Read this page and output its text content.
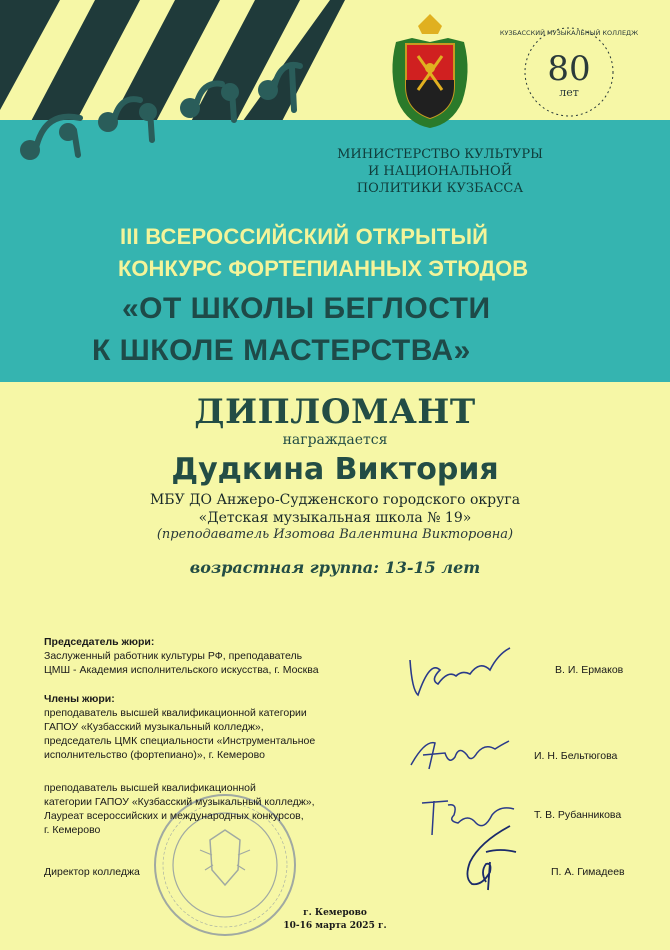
80
лет
КУЗБАССКИЙ МУЗЫКАЛЬНЫЙ КОЛЛЕДЖ
МИНИСТЕРСТВО КУЛЬТУРЫ
И НАЦИОНАЛЬНОЙ
ПОЛИТИКИ КУЗБАССА
III ВСЕРОССИЙСКИЙ ОТКРЫТЫЙ
КОНКУРС ФОРТЕПИАННЫХ ЭТЮДОВ
«ОТ ШКОЛЫ БЕГЛОСТИ
К ШКОЛЕ МАСТЕРСТВА»
ДИПЛОМАНТ
награждается
Дудкина Виктория
МБУ ДО Анжеро-Судженского городского округа
«Детская музыкальная школа № 19»
(преподаватель Изотова Валентина Викторовна)
возрастная группа: 13-15 лет
Председатель жюри:
Заслуженный работник культуры РФ, преподаватель
ЦМШ - Академия исполнительского искусства, г. Москва	В. И. Ермаков
Члены жюри:
преподаватель высшей квалификационной категории
ГАПОУ «Кузбасский музыкальный колледж»,
председатель ЦМК специальности «Инструментальное
исполнительство (фортепиано)», г. Кемерово	И. Н. Бельтюгова
преподаватель высшей квалификационной
категории ГАПОУ «Кузбасский музыкальный колледж»,
Лауреат всероссийских и международных конкурсов,
г. Кемерово
Т. В. Рубанникова
Директор колледжа	П. А. Гимадеев
г. Кемерово
10-16 марта 2025 г.
